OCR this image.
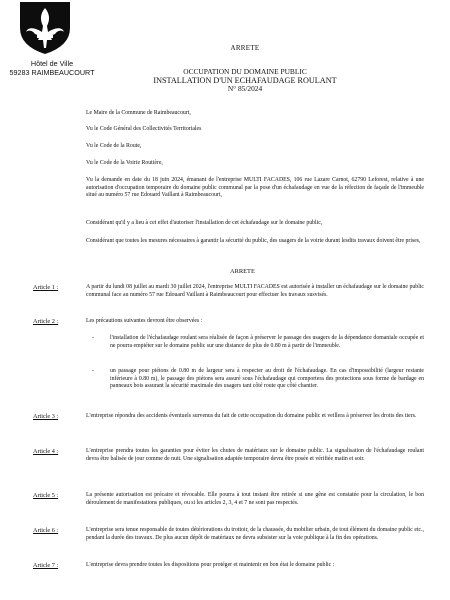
Hôtel de Ville
59283 RAIMBEAUCOURT
ARRETE
OCCUPATION DU DOMAINE PUBLIC
INSTALLATION D'UN ECHAFAUDAGE ROULANT
N° 85/2024
Le Maire de la Commune de Raimbeaucourt,
Vu le Code Général des Collectivités Territoriales
Vu le Code de la Route,
Vu le Code de la Voirie Routière,
Vu la demande en date du 18 juin 2024, émanant de l'entreprise MULTI FACADES, 106 rue Lazare Carnot, 62790 Leforest, relative à une autorisation d'occupation temporaire du domaine public communal par la pose d'un échafaudage en vue de la réfection de façade de l'immeuble situé au numéro 57 rue Edouard Vaillant à Raimbeaucourt,
Considérant qu'il y a lieu à cet effet d'autoriser l'installation de cet échafaudage sur le domaine public,
Considérant que toutes les mesures nécessaires à garantir la sécurité du public, des usagers de la voirie durant lesdits travaux doivent être prises,
ARRETE
Article 1 :	A partir du lundi 08 juillet au mardi 30 juillet 2024, l'entreprise MULTI FACADES est autorisée à installer un échafaudage sur le domaine public communal face au numéro 57 rue Edouard Vaillant à Raimbeaucourt pour effectuer les travaux susvisés.
Article 2 :	Les précautions suivantes devront être observées :
-	l'installation de l'échafaudage roulant sera réalisée de façon à préserver le passage des usagers de la dépendance domaniale occupée et ne pourra empiéter sur le domaine public sur une distance de plus de 0.80 m à partir de l'immeuble.
-	un passage pour piétons de 0.80 m de largeur sera à respecter au droit de l'échafaudage. En cas d'impossibilité (largeur restante inférieure à 0.80 m), le passage des piétons sera assuré sous l'échafaudage qui comportera des protections sous forme de bardage en panneaux bois assurant la sécurité maximale des usagers tant côté route que côté chantier.
Article 3 :	L'entreprise répondra des accidents éventuels survenus du fait de cette occupation du domaine public et veillera à préserver les droits des tiers.
Article 4 :	L'entreprise prendra toutes les garanties pour éviter les chutes de matériaux sur le domaine public. La signalisation de l'échafaudage roulant devra être balisée de jour comme de nuit. Une signalisation adaptée temporaire devra être posée et vérifiée matin et soir.
Article 5 :	La présente autorisation est précaire et révocable. Elle pourra à tout instant être retirée si une gêne est constatée pour la circulation, le bon déroulement de manifestations publiques, ou si les articles 2, 3, 4 et 7 ne sont pas respectés.
Article 6 :	L'entreprise sera tenue responsable de toutes détériorations du trottoir, de la chaussée, du mobilier urbain, de tout élément du domaine public etc., pendant la durée des travaux. De plus aucun dépôt de matériaux ne devra subsister sur la voie publique à la fin des opérations.
Article 7 :	L'entreprise devra prendre toutes les dispositions pour protéger et maintenir en bon état le domaine public :
